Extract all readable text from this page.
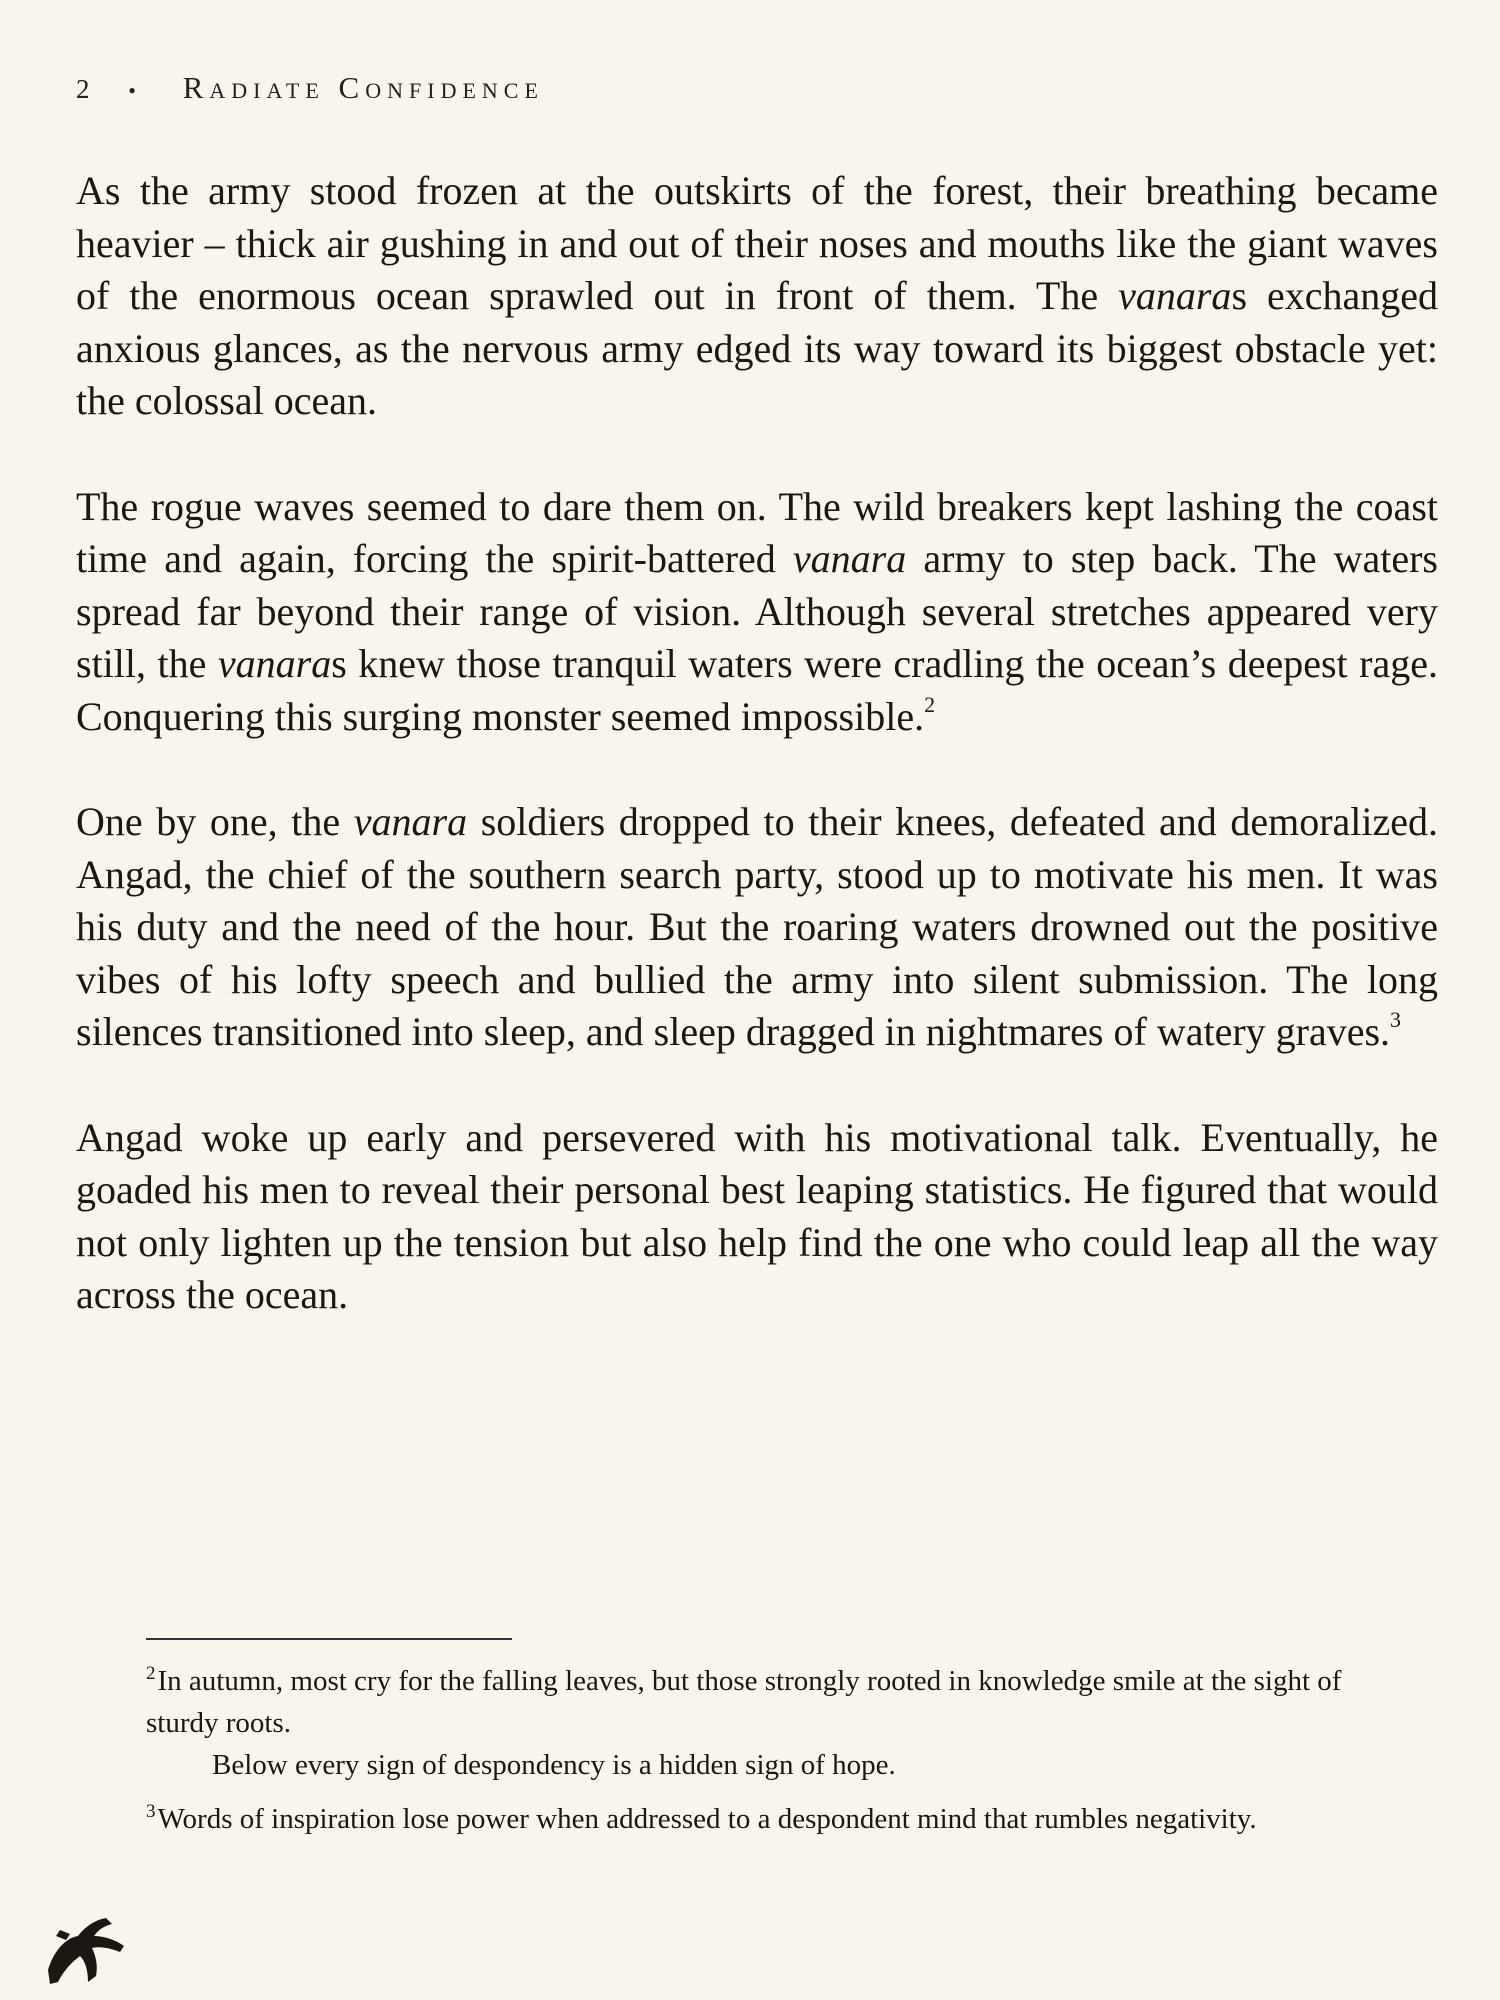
2 • Radiate Confidence

As the army stood frozen at the outskirts of the forest, their breathing became heavier – thick air gushing in and out of their noses and mouths like the giant waves of the enormous ocean sprawled out in front of them. The vanaras exchanged anxious glances, as the nervous army edged its way toward its biggest obstacle yet: the colossal ocean.

The rogue waves seemed to dare them on. The wild breakers kept lashing the coast time and again, forcing the spirit-battered vanara army to step back. The waters spread far beyond their range of vision. Although several stretches appeared very still, the vanaras knew those tranquil waters were cradling the ocean’s deepest rage. Conquering this surging monster seemed impossible.$^2$

One by one, the vanara soldiers dropped to their knees, defeated and demoralized. Angad, the chief of the southern search party, stood up to motivate his men. It was his duty and the need of the hour. But the roaring waters drowned out the positive vibes of his lofty speech and bullied the army into silent submission. The long silences transitioned into sleep, and sleep dragged in nightmares of watery graves.$^3$

Angad woke up early and persevered with his motivational talk. Eventually, he goaded his men to reveal their personal best leaping statistics. He figured that would not only lighten up the tension but also help find the one who could leap all the way across the ocean.

$^2$In autumn, most cry for the falling leaves, but those strongly rooted in knowledge smile at the sight of sturdy roots.
Below every sign of despondency is a hidden sign of hope.

$^3$Words of inspiration lose power when addressed to a despondent mind that rumbles negativity.
